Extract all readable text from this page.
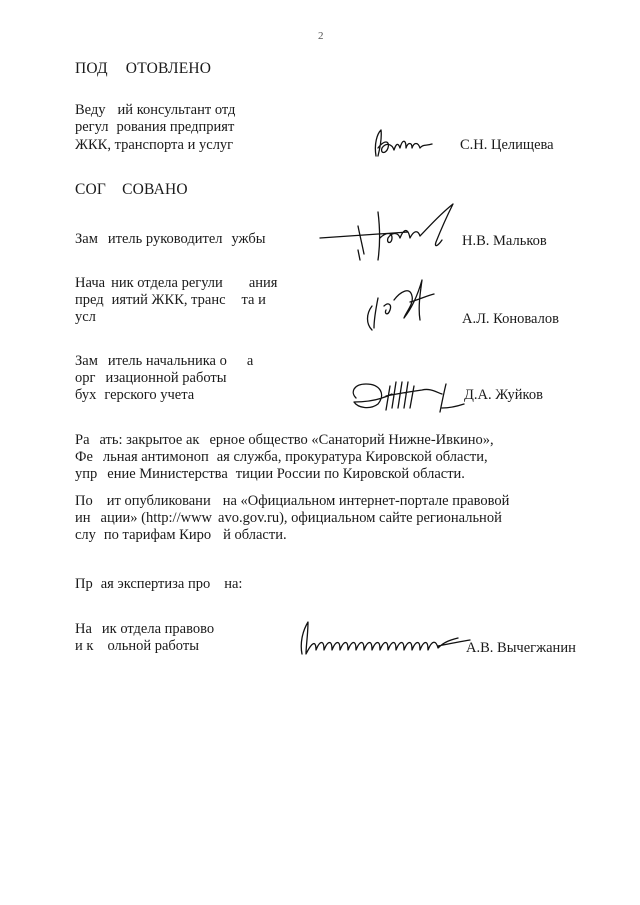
2
ПОД ОТОВЛЕНО
Веду ий консультант отд
регул рования предприят
ЖКК, транспорта и услуг	С.Н. Целищева
СОГ СОВАНО
Зам итель руководител ужбы	Н.В. Мальков
Нача ник отдела регули ания
пред иятий ЖКК, транс та и
усл	А.Л. Коновалов
Зам итель начальника о а
орг изационной работы
бух герского учета	Д.А. Жуйков
Ра ать: закрытое ак ерное общество «Санаторий Нижне-Ивкино»,
Фе льная антимоноп ая служба, прокуратура Кировской области,
упр ение Министерства тиции России по Кировской области.
По ит опубликовани на «Официальном интернет-портале правовой
ин ации» (http://www avo.gov.ru), официальном сайте региональной
слу по тарифам Киро й области.
Пр ая экспертиза про на:
На ик отдела правово
и к ольной работы	А.В. Вычегжанин
